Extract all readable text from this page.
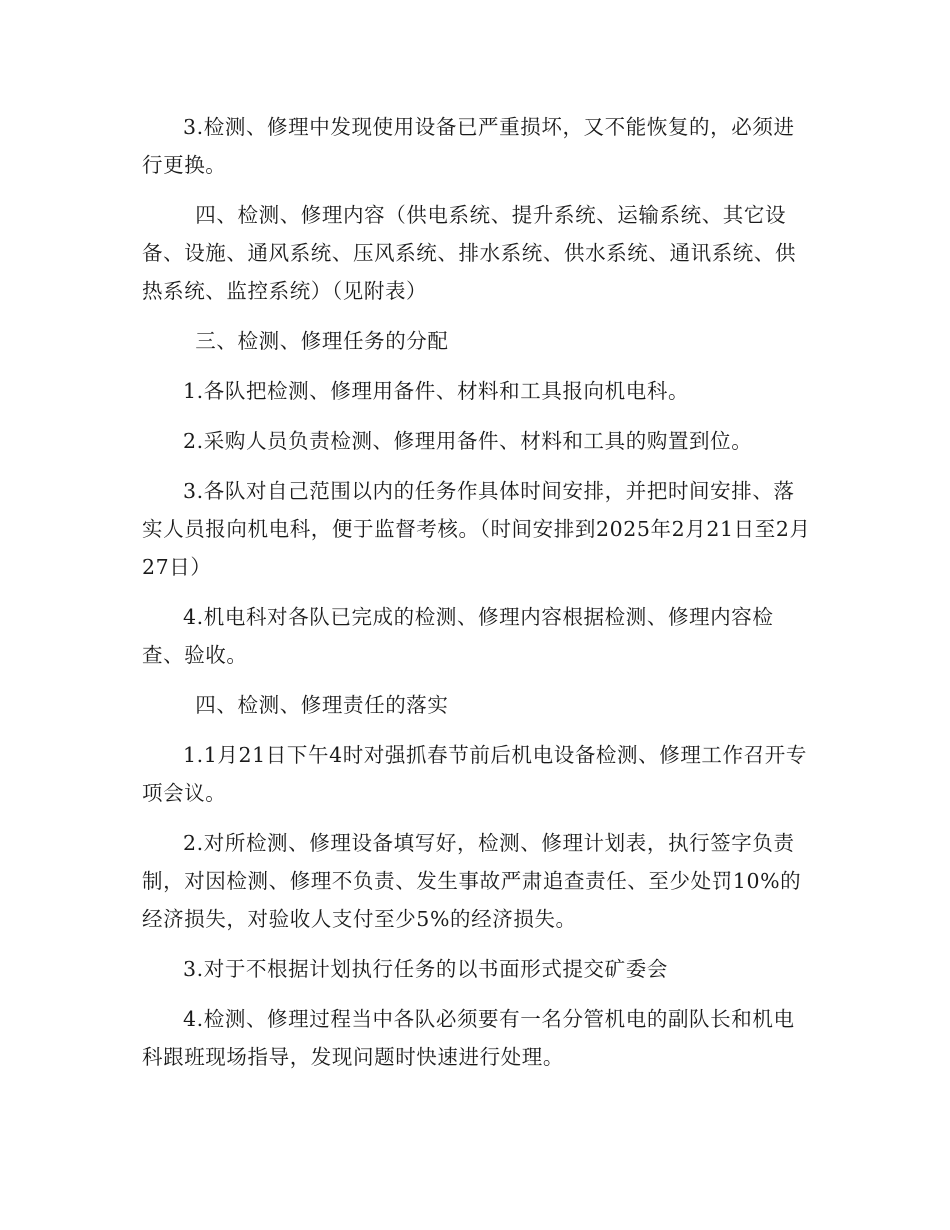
3.检测、修理中发现使用设备已严重损坏，又不能恢复的，必须进行更换。

四、检测、修理内容（供电系统、提升系统、运输系统、其它设备、设施、通风系统、压风系统、排水系统、供水系统、通讯系统、供热系统、监控系统）（见附表）

三、检测、修理任务的分配

1.各队把检测、修理用备件、材料和工具报向机电科。

2.采购人员负责检测、修理用备件、材料和工具的购置到位。

3.各队对自己范围以内的任务作具体时间安排，并把时间安排、落实人员报向机电科，便于监督考核。（时间安排到2025年2月21日至2月27日）

4.机电科对各队已完成的检测、修理内容根据检测、修理内容检查、验收。

四、检测、修理责任的落实

1.1月21日下午4时对强抓春节前后机电设备检测、修理工作召开专项会议。

2.对所检测、修理设备填写好，检测、修理计划表，执行签字负责制，对因检测、修理不负责、发生事故严肃追查责任、至少处罚10%的经济损失，对验收人支付至少5%的经济损失。

3.对于不根据计划执行任务的以书面形式提交矿委会

4.检测、修理过程当中各队必须要有一名分管机电的副队长和机电科跟班现场指导，发现问题时快速进行处理。
